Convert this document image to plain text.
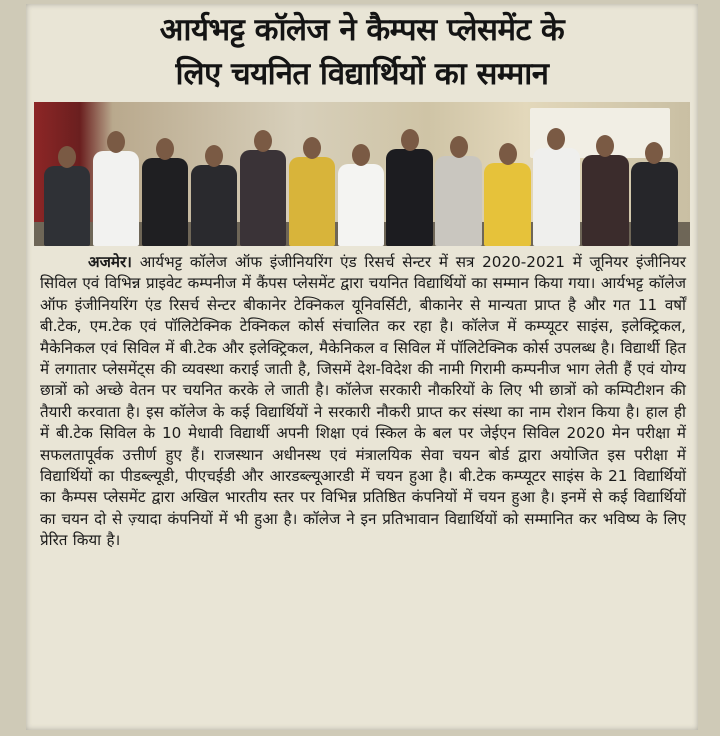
आर्यभट्ट कॉलेज ने कैम्पस प्लेसमेंट के
लिए चयनित विद्यार्थियों का सम्मान
अजमेर। आर्यभट्ट कॉलेज ऑफ इंजीनियरिंग एंड रिसर्च सेन्टर में सत्र 2020-2021 में जूनियर इंजीनियर सिविल एवं विभिन्न प्राइवेट कम्पनीज में कैंपस प्लेसमेंट द्वारा चयनित विद्यार्थियों का सम्मान किया गया। आर्यभट्ट कॉलेज ऑफ इंजीनियरिंग एंड रिसर्च सेन्टर बीकानेर टेक्निकल यूनिवर्सिटी, बीकानेर से मान्यता प्राप्त है और गत 11 वर्षों बी.टेक, एम.टेक एवं पॉलिटेक्निक टेक्निकल कोर्स संचालित कर रहा है। कॉलेज में कम्प्यूटर साइंस, इलेक्ट्रिकल, मैकेनिकल एवं सिविल में बी.टेक और इलेक्ट्रिकल, मैकेनिकल व सिविल में पॉलिटेक्निक कोर्स उपलब्ध है। विद्यार्थी हित में लगातार प्लेसमेंट्स की व्यवस्था कराई जाती है, जिसमें देश-विदेश की नामी गिरामी कम्पनीज भाग लेती हैं एवं योग्य छात्रों को अच्छे वेतन पर चयनित करके ले जाती है। कॉलेज सरकारी नौकरियों के लिए भी छात्रों को कम्पिटीशन की तैयारी करवाता है। इस कॉलेज के कई विद्यार्थियों ने सरकारी नौकरी प्राप्त कर संस्था का नाम रोशन किया है। हाल ही में बी.टेक सिविल के 10 मेधावी विद्यार्थी अपनी शिक्षा एवं स्किल के बल पर जेईएन सिविल 2020 मेन परीक्षा में सफलतापूर्वक उत्तीर्ण हुए हैं। राजस्थान अधीनस्थ एवं मंत्रालयिक सेवा चयन बोर्ड द्वारा अयोजित इस परीक्षा में विद्यार्थियों का पीडब्ल्यूडी, पीएचईडी और आरडब्ल्यूआरडी में चयन हुआ है। बी.टेक कम्प्यूटर साइंस के 21 विद्यार्थियों का कैम्पस प्लेसमेंट द्वारा अखिल भारतीय स्तर पर विभिन्न प्रतिष्ठित कंपनियों में चयन हुआ है। इनमें से कई विद्यार्थियों का चयन दो से ज़्यादा कंपनियों में भी हुआ है। कॉलेज ने इन प्रतिभावान विद्यार्थियों को सम्मानित कर भविष्य के लिए प्रेरित किया है।
